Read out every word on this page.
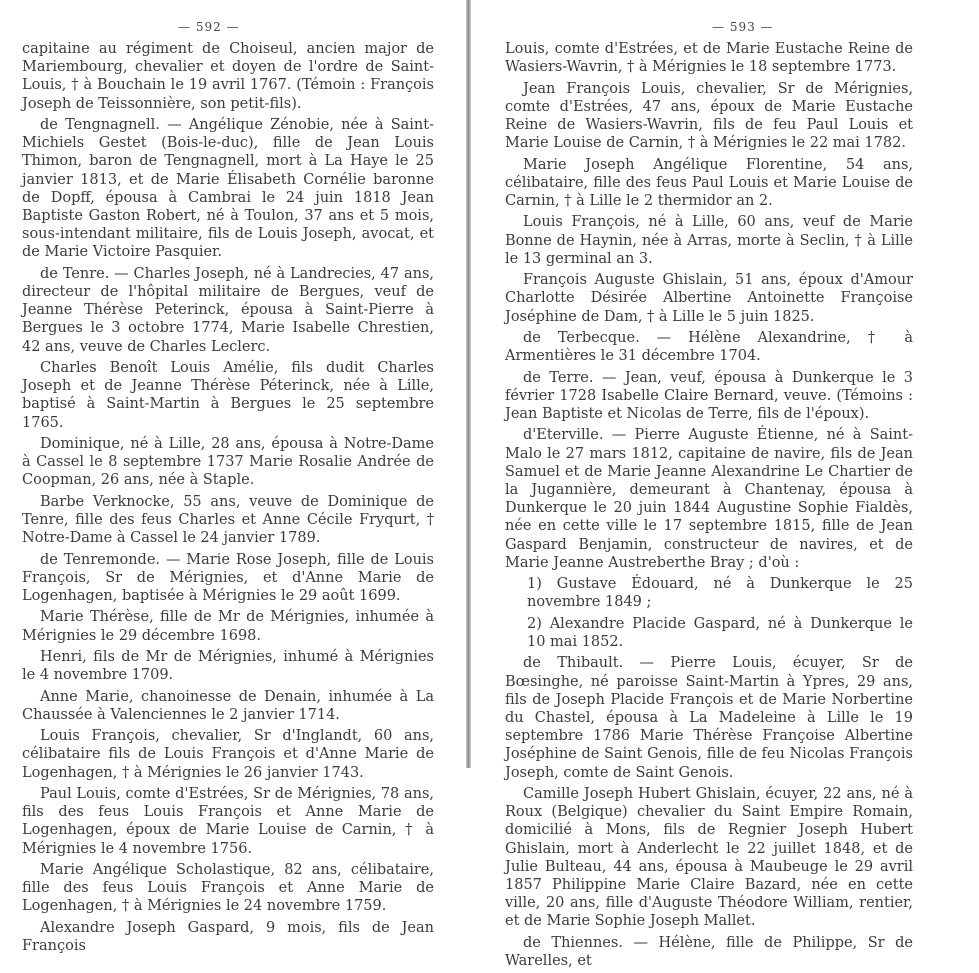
— 592 —

capitaine au régiment de Choiseul, ancien major de Mariembourg, chevalier et doyen de l'ordre de Saint-Louis, † à Bouchain le 19 avril 1767. (Témoin : François Joseph de Teissonnière, son petit-fils).

de Tengnagnell. — Angélique Zénobie, née à Saint-Michiels Gestet (Bois-le-duc), fille de Jean Louis Thimon, baron de Tengnagnell, mort à La Haye le 25 janvier 1813, et de Marie Élisabeth Cornélie baronne de Dopff, épousa à Cambrai le 24 juin 1818 Jean Baptiste Gaston Robert, né à Toulon, 37 ans et 5 mois, sous-intendant militaire, fils de Louis Joseph, avocat, et de Marie Victoire Pasquier.

de Tenre. — Charles Joseph, né à Landrecies, 47 ans, directeur de l'hôpital militaire de Bergues, veuf de Jeanne Thérèse Peterinck, épousa à Saint-Pierre à Bergues le 3 octobre 1774, Marie Isabelle Chrestien, 42 ans, veuve de Charles Leclerc.

Charles Benoît Louis Amélie, fils dudit Charles Joseph et de Jeanne Thérèse Péterinck, née à Lille, baptisé à Saint-Martin à Bergues le 25 septembre 1765.

Dominique, né à Lille, 28 ans, épousa à Notre-Dame à Cassel le 8 septembre 1737 Marie Rosalie Andrée de Coopman, 26 ans, née à Staple.

Barbe Verknocke, 55 ans, veuve de Dominique de Tenre, fille des feus Charles et Anne Cécile Fryqurt, † Notre-Dame à Cassel le 24 janvier 1789.

de Tenremonde. — Marie Rose Joseph, fille de Louis François, Sr de Mérignies, et d'Anne Marie de Logenhagen, baptisée à Mérignies le 29 août 1699.

Marie Thérèse, fille de Mr de Mérignies, inhumée à Mérignies le 29 décembre 1698.

Henri, fils de Mr de Mérignies, inhumé à Mérignies le 4 novembre 1709.

Anne Marie, chanoinesse de Denain, inhumée à La Chaussée à Valenciennes le 2 janvier 1714.

Louis François, chevalier, Sr d'Inglandt, 60 ans, célibataire fils de Louis François et d'Anne Marie de Logenhagen, † à Mérignies le 26 janvier 1743.

Paul Louis, comte d'Estrées, Sr de Mérignies, 78 ans, fils des feus Louis François et Anne Marie de Logenhagen, époux de Marie Louise de Carnin, † à Mérignies le 4 novembre 1756.

Marie Angélique Scholastique, 82 ans, célibataire, fille des feus Louis François et Anne Marie de Logenhagen, † à Mérignies le 24 novembre 1759.

Alexandre Joseph Gaspard, 9 mois, fils de Jean François

— 593 —

Louis, comte d'Estrées, et de Marie Eustache Reine de Wasiers-Wavrin, † à Mérignies le 18 septembre 1773.

Jean François Louis, chevalier, Sr de Mérignies, comte d'Estrées, 47 ans, époux de Marie Eustache Reine de Wasiers-Wavrin, fils de feu Paul Louis et Marie Louise de Carnin, † à Mérignies le 22 mai 1782.

Marie Joseph Angélique Florentine, 54 ans, célibataire, fille des feus Paul Louis et Marie Louise de Carnin, † à Lille le 2 thermidor an 2.

Louis François, né à Lille, 60 ans, veuf de Marie Bonne de Haynin, née à Arras, morte à Seclin, † à Lille le 13 germinal an 3.

François Auguste Ghislain, 51 ans, époux d'Amour Charlotte Désirée Albertine Antoinette Françoise Joséphine de Dam, † à Lille le 5 juin 1825.

de Terbecque. — Hélène Alexandrine, † à Armentières le 31 décembre 1704.

de Terre. — Jean, veuf, épousa à Dunkerque le 3 février 1728 Isabelle Claire Bernard, veuve. (Témoins : Jean Baptiste et Nicolas de Terre, fils de l'époux).

d'Eterville. — Pierre Auguste Étienne, né à Saint-Malo le 27 mars 1812, capitaine de navire, fils de Jean Samuel et de Marie Jeanne Alexandrine Le Chartier de la Jugannière, demeurant à Chantenay, épousa à Dunkerque le 20 juin 1844 Augustine Sophie Fialdès, née en cette ville le 17 septembre 1815, fille de Jean Gaspard Benjamin, constructeur de navires, et de Marie Jeanne Austreberthe Bray ; d'où :

1) Gustave Édouard, né à Dunkerque le 25 novembre 1849 ;

2) Alexandre Placide Gaspard, né à Dunkerque le 10 mai 1852.

de Thibault. — Pierre Louis, écuyer, Sr de Bœsinghe, né paroisse Saint-Martin à Ypres, 29 ans, fils de Joseph Placide François et de Marie Norbertine du Chastel, épousa à La Madeleine à Lille le 19 septembre 1786 Marie Thérèse Françoise Albertine Joséphine de Saint Genois, fille de feu Nicolas François Joseph, comte de Saint Genois.

Camille Joseph Hubert Ghislain, écuyer, 22 ans, né à Roux (Belgique) chevalier du Saint Empire Romain, domicilié à Mons, fils de Regnier Joseph Hubert Ghislain, mort à Anderlecht le 22 juillet 1848, et de Julie Bulteau, 44 ans, épousa à Maubeuge le 29 avril 1857 Philippine Marie Claire Bazard, née en cette ville, 20 ans, fille d'Auguste Théodore William, rentier, et de Marie Sophie Joseph Mallet.

de Thiennes. — Hélène, fille de Philippe, Sr de Warelles, et
